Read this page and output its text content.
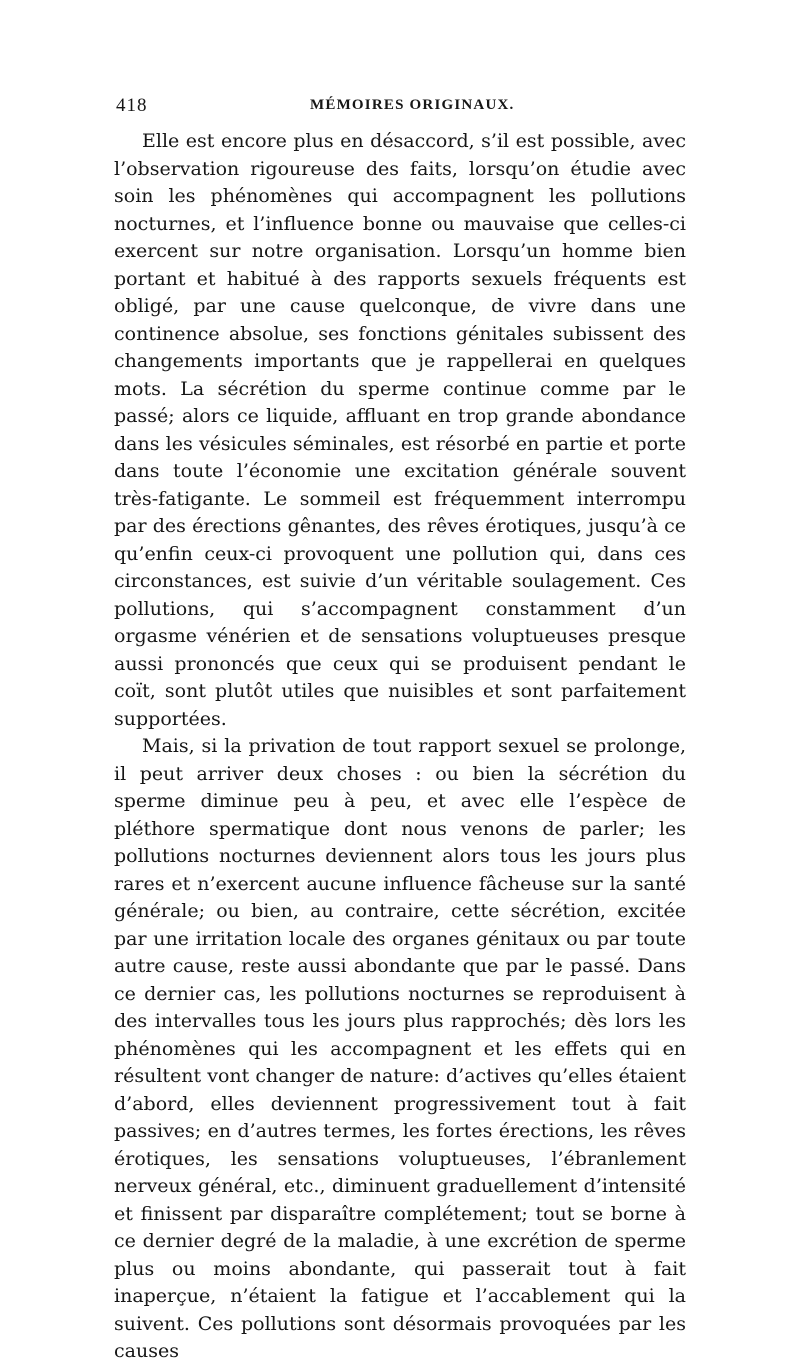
418	MÉMOIRES ORIGINAUX.

Elle est encore plus en désaccord, s’il est possible, avec l’observation rigoureuse des faits, lorsqu’on étudie avec soin les phénomènes qui accompagnent les pollutions nocturnes, et l’influence bonne ou mauvaise que celles-ci exercent sur notre organisation. Lorsqu’un homme bien portant et habitué à des rapports sexuels fréquents est obligé, par une cause quelconque, de vivre dans une continence absolue, ses fonctions génitales subissent des changements importants que je rappellerai en quelques mots. La sécrétion du sperme continue comme par le passé; alors ce liquide, affluant en trop grande abondance dans les vésicules séminales, est résorbé en partie et porte dans toute l’économie une excitation générale souvent très-fatigante. Le sommeil est fréquemment interrompu par des érections gênantes, des rêves érotiques, jusqu’à ce qu’enfin ceux-ci provoquent une pollution qui, dans ces circonstances, est suivie d’un véritable soulagement. Ces pollutions, qui s’accompagnent constamment d’un orgasme vénérien et de sensations voluptueuses presque aussi prononcés que ceux qui se produisent pendant le coït, sont plutôt utiles que nuisibles et sont parfaitement supportées.

Mais, si la privation de tout rapport sexuel se prolonge, il peut arriver deux choses : ou bien la sécrétion du sperme diminue peu à peu, et avec elle l’espèce de pléthore spermatique dont nous venons de parler; les pollutions nocturnes deviennent alors tous les jours plus rares et n’exercent aucune influence fâcheuse sur la santé générale; ou bien, au contraire, cette sécrétion, excitée par une irritation locale des organes génitaux ou par toute autre cause, reste aussi abondante que par le passé. Dans ce dernier cas, les pollutions nocturnes se reproduisent à des intervalles tous les jours plus rapprochés; dès lors les phénomènes qui les accompagnent et les effets qui en résultent vont changer de nature: d’actives qu’elles étaient d’abord, elles deviennent progressivement tout à fait passives; en d’autres termes, les fortes érections, les rêves érotiques, les sensations voluptueuses, l’ébranlement nerveux général, etc., diminuent graduellement d’intensité et finissent par disparaître complétement; tout se borne à ce dernier degré de la maladie, à une excrétion de sperme plus ou moins abondante, qui passerait tout à fait inaperçue, n’étaient la fatigue et l’accablement qui la suivent. Ces pollutions sont désormais provoquées par les causes
